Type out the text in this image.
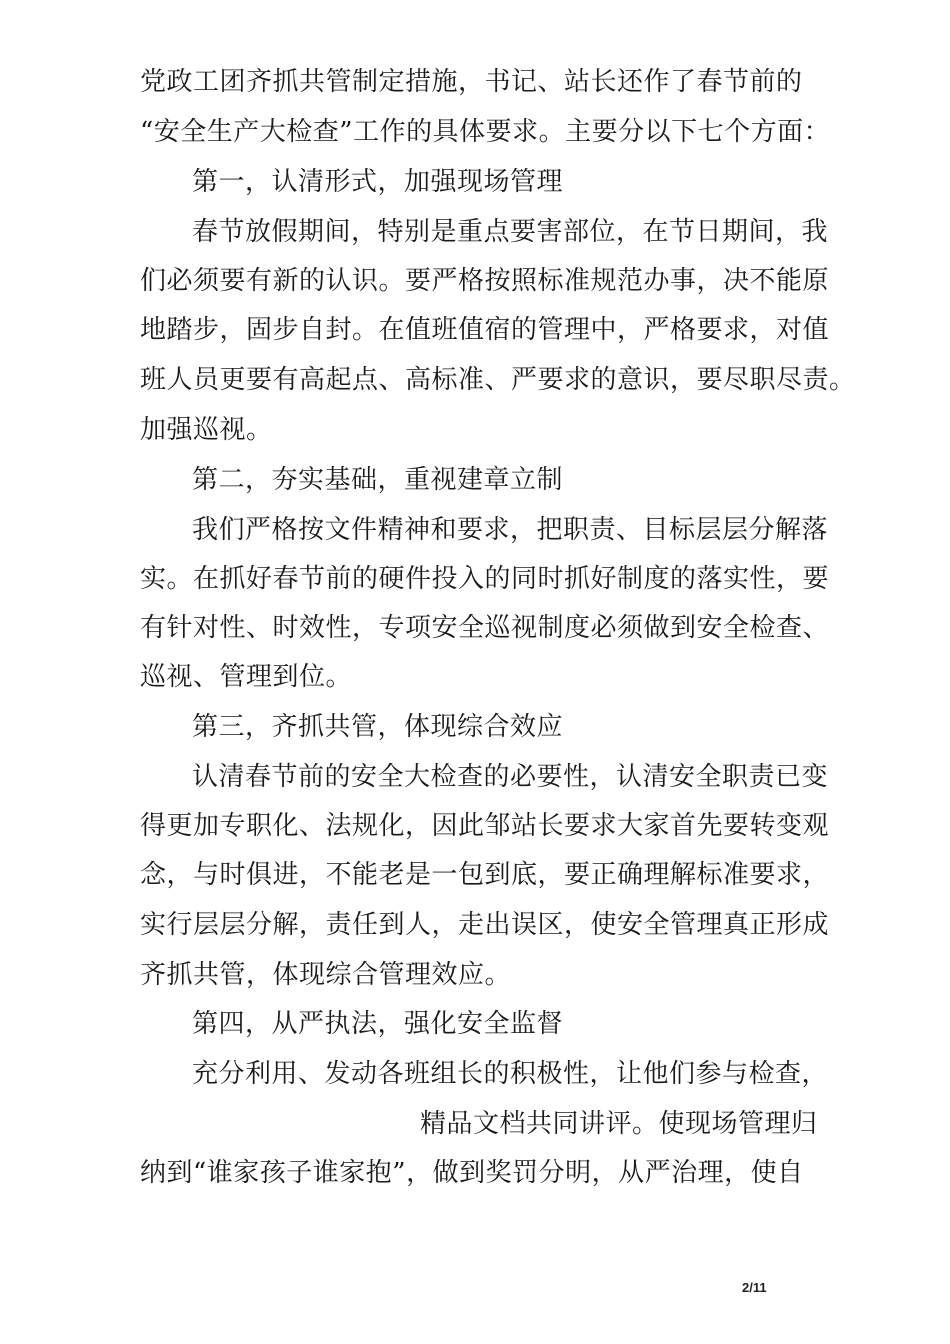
党政工团齐抓共管制定措施，书记、站长还作了春节前的
“安全生产大检查”工作的具体要求。主要分以下七个方面：
第一，认清形式，加强现场管理
春节放假期间，特别是重点要害部位，在节日期间，我
们必须要有新的认识。要严格按照标准规范办事，决不能原
地踏步，固步自封。在值班值宿的管理中，严格要求，对值
班人员更要有高起点、高标准、严要求的意识，要尽职尽责。
加强巡视。
第二，夯实基础，重视建章立制
我们严格按文件精神和要求，把职责、目标层层分解落
实。在抓好春节前的硬件投入的同时抓好制度的落实性，要
有针对性、时效性，专项安全巡视制度必须做到安全检查、
巡视、管理到位。
第三，齐抓共管，体现综合效应
认清春节前的安全大检查的必要性，认清安全职责已变
得更加专职化、法规化，因此邹站长要求大家首先要转变观
念，与时俱进，不能老是一包到底，要正确理解标准要求，
实行层层分解，责任到人，走出误区，使安全管理真正形成
齐抓共管，体现综合管理效应。
第四，从严执法，强化安全监督
充分利用、发动各班组长的积极性，让他们参与检查，
精品文档共同讲评。使现场管理归
纳到“谁家孩子谁家抱”，做到奖罚分明，从严治理，使自
2/11
